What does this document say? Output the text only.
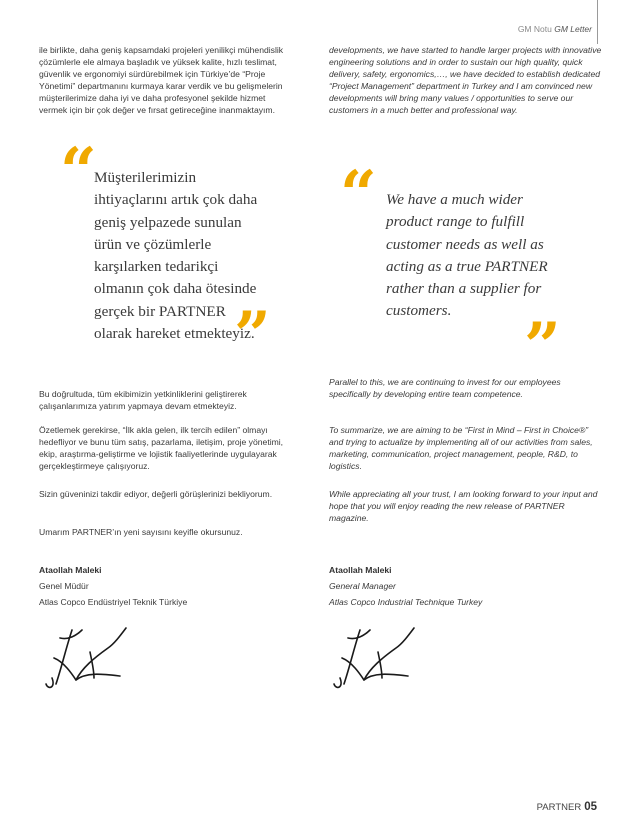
GM Notu GM Letter

ile birlikte, daha geniş kapsamdaki projeleri yenilikçi mühendislik çözümlerle ele almaya başladık ve yüksek kalite, hızlı teslimat, güvenlik ve ergonomiyi sürdürebilmek için Türkiye’de “Proje Yönetimi” departmanını kurmaya karar verdik ve bu gelişmelerin müşterilerimize daha iyi ve daha profesyonel şekilde hizmet vermek için bir çok değer ve fırsat getireceğine inanmaktayım.

“

Müşterilerimizin ihtiyaçlarını artık çok daha geniş yelpazede sunulan ürün ve çözümlerle karşılarken tedarikçi olmanın çok daha ötesinde gerçek bir PARTNER olarak hareket etmekteyiz.

”

Bu doğrultuda, tüm ekibimizin yetkinliklerini geliştirerek çalışanlarımıza yatırım yapmaya devam etmekteyiz.

Özetlemek gerekirse, “İlk akla gelen, ilk tercih edilen” olmayı hedefliyor ve bunu tüm satış, pazarlama, iletişim, proje yönetimi, ekip, araştırma-geliştirme ve lojistik faaliyetlerinde uygulayarak gerçekleştirmeye çalışıyoruz.

Sizin güveninizi takdir ediyor, değerli görüşlerinizi bekliyorum.

Umarım PARTNER’ın yeni sayısını keyifle okursunuz.

Ataollah Maleki
Genel Müdür
Atlas Copco Endüstriyel Teknik Türkiye

developments, we have started to handle larger projects with innovative engineering solutions and in order to sustain our high quality, quick delivery, safety, ergonomics,…, we have decided to establish dedicated “Project Management” department in Turkey and I am convinced new developments will bring many values / opportunities to serve our customers in a much better and professional way.

“ We have a much wider product range to fulfill customer needs as well as acting as a true PARTNER rather than a supplier for customers.	”

Parallel to this, we are continuing to invest for our employees specifically by developing entire team competence.

To summarize, we are aiming to be “First in Mind – First in Choice®” and trying to actualize by implementing all of our activities from sales, marketing, communication, project management, people, R&D, to logistics.

While appreciating all your trust, I am looking forward to your input and hope that you will enjoy reading the new release of PARTNER magazine.

Ataollah Maleki
General Manager
Atlas Copco Industrial Technique Turkey
PARTNER 05
